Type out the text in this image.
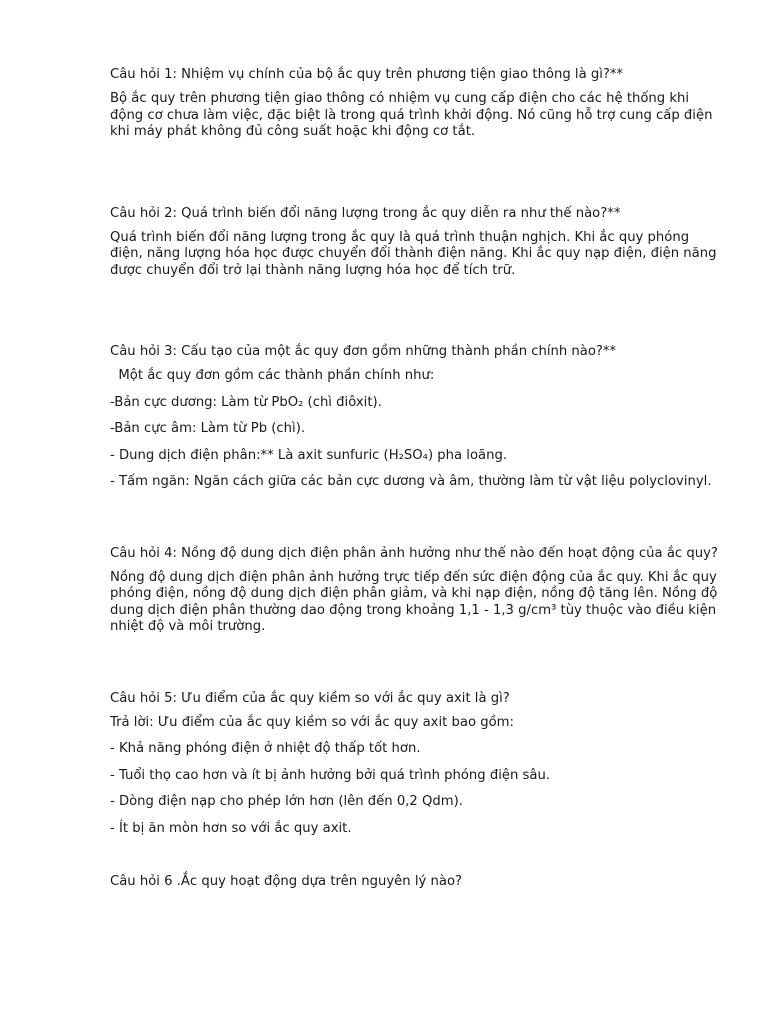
Câu hỏi 1: Nhiệm vụ chính của bộ ắc quy trên phương tiện giao thông là gì?**

Bộ ắc quy trên phương tiện giao thông có nhiệm vụ cung cấp điện cho các hệ thống khi động cơ chưa làm việc, đặc biệt là trong quá trình khởi động. Nó cũng hỗ trợ cung cấp điện khi máy phát không đủ công suất hoặc khi động cơ tắt.

Câu hỏi 2: Quá trình biến đổi năng lượng trong ắc quy diễn ra như thế nào?**

Quá trình biến đổi năng lượng trong ắc quy là quá trình thuận nghịch. Khi ắc quy phóng điện, năng lượng hóa học được chuyển đổi thành điện năng. Khi ắc quy nạp điện, điện năng được chuyển đổi trở lại thành năng lượng hóa học để tích trữ.

Câu hỏi 3: Cấu tạo của một ắc quy đơn gồm những thành phần chính nào?**

Một ắc quy đơn gồm các thành phần chính như:

-Bản cực dương: Làm từ PbO₂ (chì điôxit).

-Bản cực âm: Làm từ Pb (chì).

- Dung dịch điện phân:** Là axit sunfuric (H₂SO₄) pha loãng.

- Tấm ngăn: Ngăn cách giữa các bản cực dương và âm, thường làm từ vật liệu polyclovinyl.

Câu hỏi 4: Nồng độ dung dịch điện phân ảnh hưởng như thế nào đến hoạt động của ắc quy?

Nồng độ dung dịch điện phân ảnh hưởng trực tiếp đến sức điện động của ắc quy. Khi ắc quy phóng điện, nồng độ dung dịch điện phân giảm, và khi nạp điện, nồng độ tăng lên. Nồng độ dung dịch điện phân thường dao động trong khoảng 1,1 - 1,3 g/cm³ tùy thuộc vào điều kiện nhiệt độ và môi trường.

Câu hỏi 5: Ưu điểm của ắc quy kiềm so với ắc quy axit là gì?

Trả lời: Ưu điểm của ắc quy kiềm so với ắc quy axit bao gồm:

- Khả năng phóng điện ở nhiệt độ thấp tốt hơn.

- Tuổi thọ cao hơn và ít bị ảnh hưởng bởi quá trình phóng điện sâu.

- Dòng điện nạp cho phép lớn hơn (lên đến 0,2 Qdm).

- Ít bị ăn mòn hơn so với ắc quy axit.

Câu hỏi 6 .Ắc quy hoạt động dựa trên nguyên lý nào?
